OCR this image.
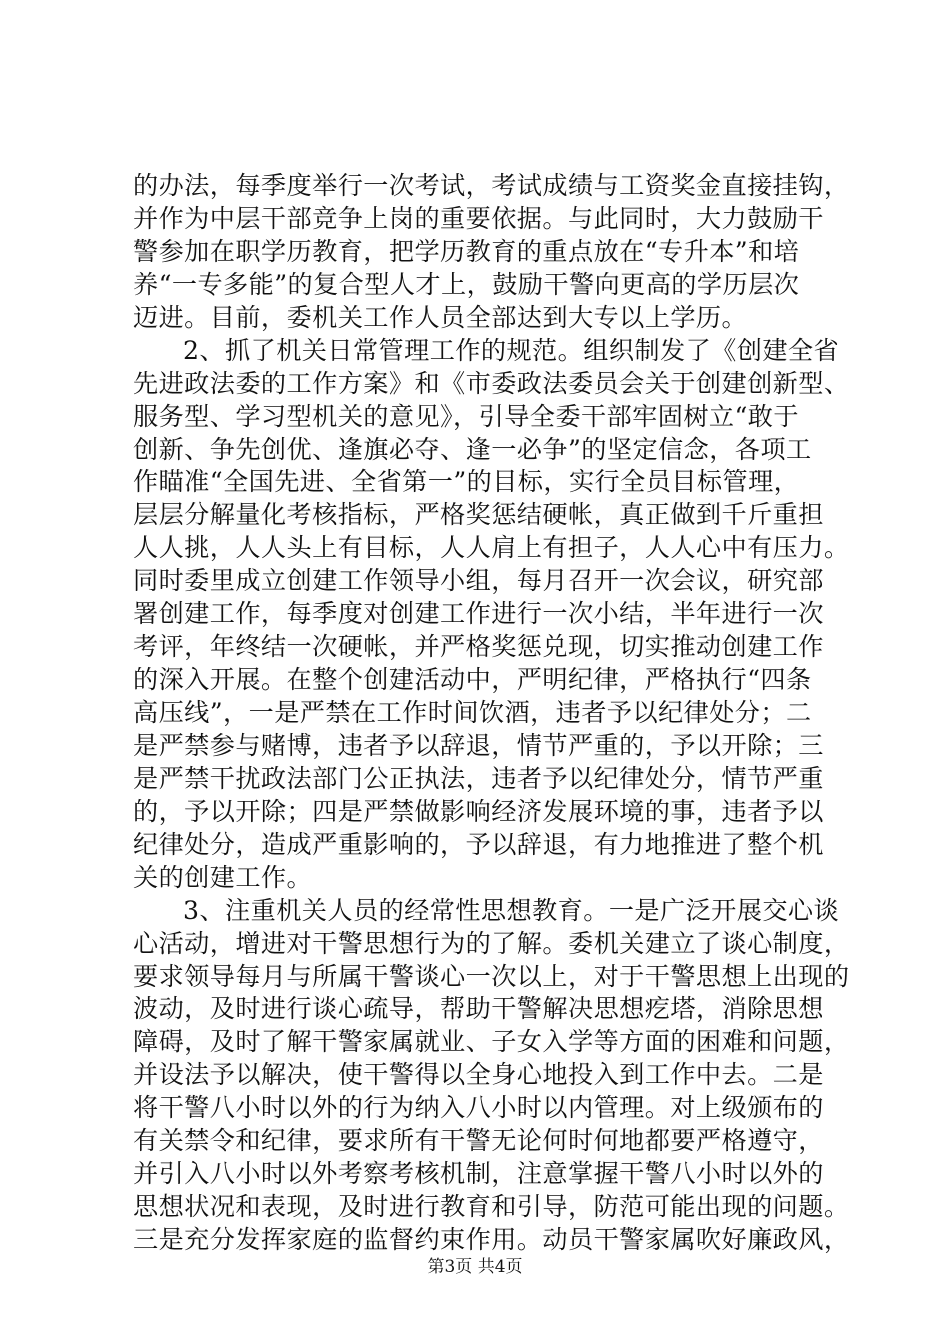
的办法，每季度举行一次考试，考试成绩与工资奖金直接挂钩，
并作为中层干部竞争上岗的重要依据。与此同时，大力鼓励干
警参加在职学历教育，把学历教育的重点放在“专升本”和培
养“一专多能”的复合型人才上，鼓励干警向更高的学历层次
迈进。目前，委机关工作人员全部达到大专以上学历。
2、抓了机关日常管理工作的规范。组织制发了《创建全省
先进政法委的工作方案》和《市委政法委员会关于创建创新型、
服务型、学习型机关的意见》，引导全委干部牢固树立“敢于
创新、争先创优、逢旗必夺、逢一必争”的坚定信念，各项工
作瞄准“全国先进、全省第一”的目标，实行全员目标管理，
层层分解量化考核指标，严格奖惩结硬帐，真正做到千斤重担
人人挑，人人头上有目标，人人肩上有担子，人人心中有压力。
同时委里成立创建工作领导小组，每月召开一次会议，研究部
署创建工作，每季度对创建工作进行一次小结，半年进行一次
考评，年终结一次硬帐，并严格奖惩兑现，切实推动创建工作
的深入开展。在整个创建活动中，严明纪律，严格执行“四条
高压线”，一是严禁在工作时间饮酒，违者予以纪律处分；二
是严禁参与赌博，违者予以辞退，情节严重的，予以开除；三
是严禁干扰政法部门公正执法，违者予以纪律处分，情节严重
的，予以开除；四是严禁做影响经济发展环境的事，违者予以
纪律处分，造成严重影响的，予以辞退，有力地推进了整个机
关的创建工作。
3、注重机关人员的经常性思想教育。一是广泛开展交心谈
心活动，增进对干警思想行为的了解。委机关建立了谈心制度，
要求领导每月与所属干警谈心一次以上，对于干警思想上出现的
波动，及时进行谈心疏导，帮助干警解决思想疙塔，消除思想
障碍，及时了解干警家属就业、子女入学等方面的困难和问题，
并设法予以解决，使干警得以全身心地投入到工作中去。二是
将干警八小时以外的行为纳入八小时以内管理。对上级颁布的
有关禁令和纪律，要求所有干警无论何时何地都要严格遵守，
并引入八小时以外考察考核机制，注意掌握干警八小时以外的
思想状况和表现，及时进行教育和引导，防范可能出现的问题。
三是充分发挥家庭的监督约束作用。动员干警家属吹好廉政风，
第3页 共4页
